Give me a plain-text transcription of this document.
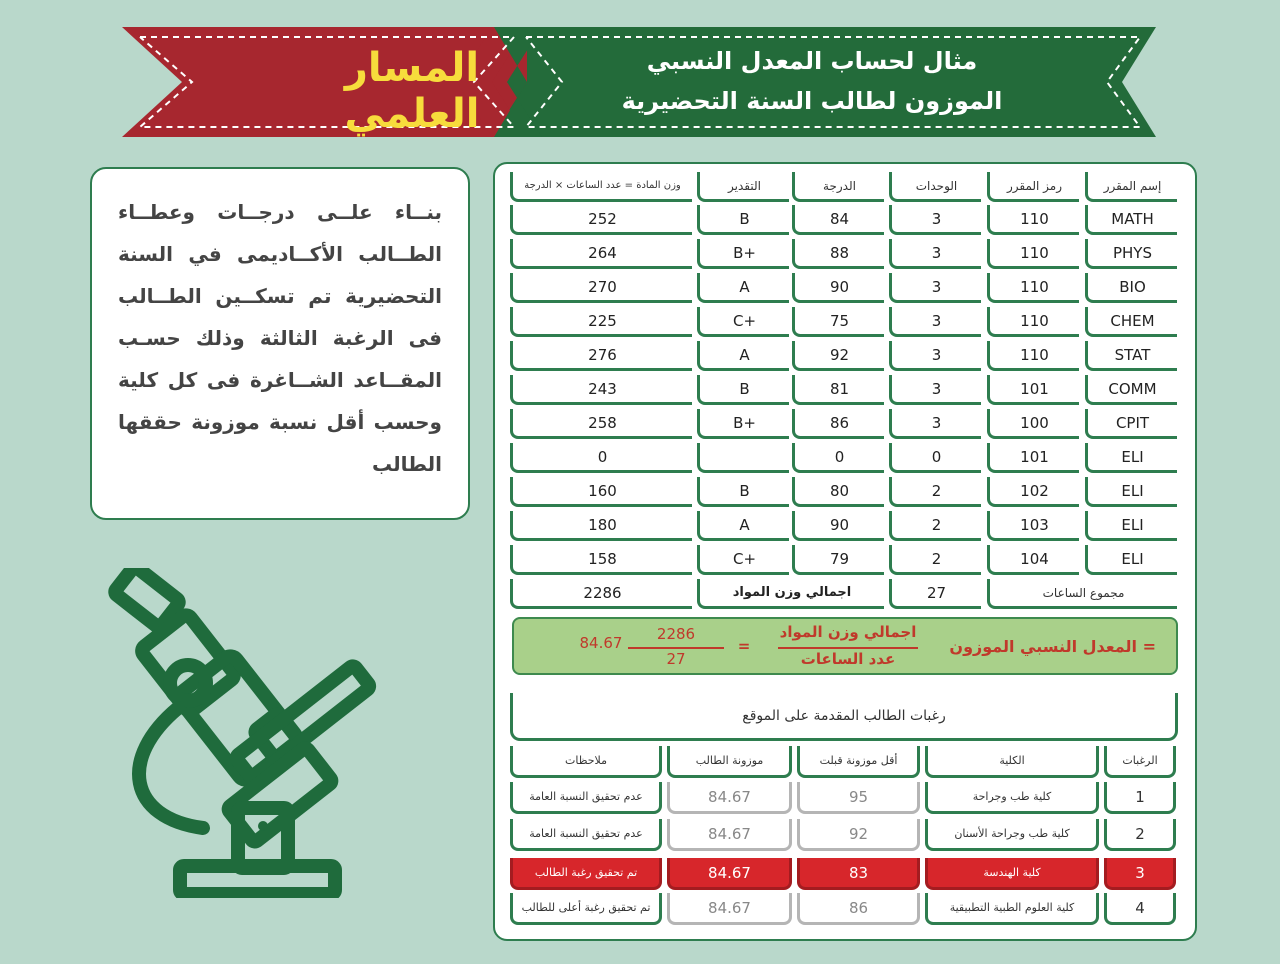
المسار العلمي
مثال لحساب المعدل النسبي
الموزون لطالب السنة التحضيرية
بنــاء علــى درجــات وعطــاء الطــالب الأكــاديمى في السنة التحضيرية تم تسكــين الطــالب فى الرغبة الثالثة وذلك حسـب المقــاعد الشــاغرة فى كل كلية وحسب أقل نسبة موزونة حققها الطالب
إسم المقرر
رمز المقرر
الوحدات
الدرجة
التقدير
وزن المادة = عدد الساعات × الدرجة
MATH
110
3
84
B
252
PHYS
110
3
88
B+
264
BIO
110
3
90
A
270
CHEM
110
3
75
C+
225
STAT
110
3
92
A
276
COMM
101
3
81
B
243
CPIT
100
3
86
B+
258
ELI
101
0
0
0
ELI
102
2
80
B
160
ELI
103
2
90
A
180
ELI
104
2
79
C+
158
مجموع الساعات
27
اجمالي وزن المواد
2286
المعدل النسبي الموزون =
اجمالي وزن المواد
عدد الساعات
=
2286
27
84.67
رغبات الطالب المقدمة على الموقع
الرغبات
الكلية
أقل موزونة قبلت
موزونة الطالب
ملاحظات
1
كلية طب وجراحة
95
84.67
عدم تحقيق النسبة العامة
2
كلية طب وجراحة الأسنان
92
84.67
عدم تحقيق النسبة العامة
3
كلية الهندسة
83
84.67
تم تحقيق رغبة الطالب
4
كلية العلوم الطبية التطبيقية
86
84.67
تم تحقيق رغبة أعلى للطالب
